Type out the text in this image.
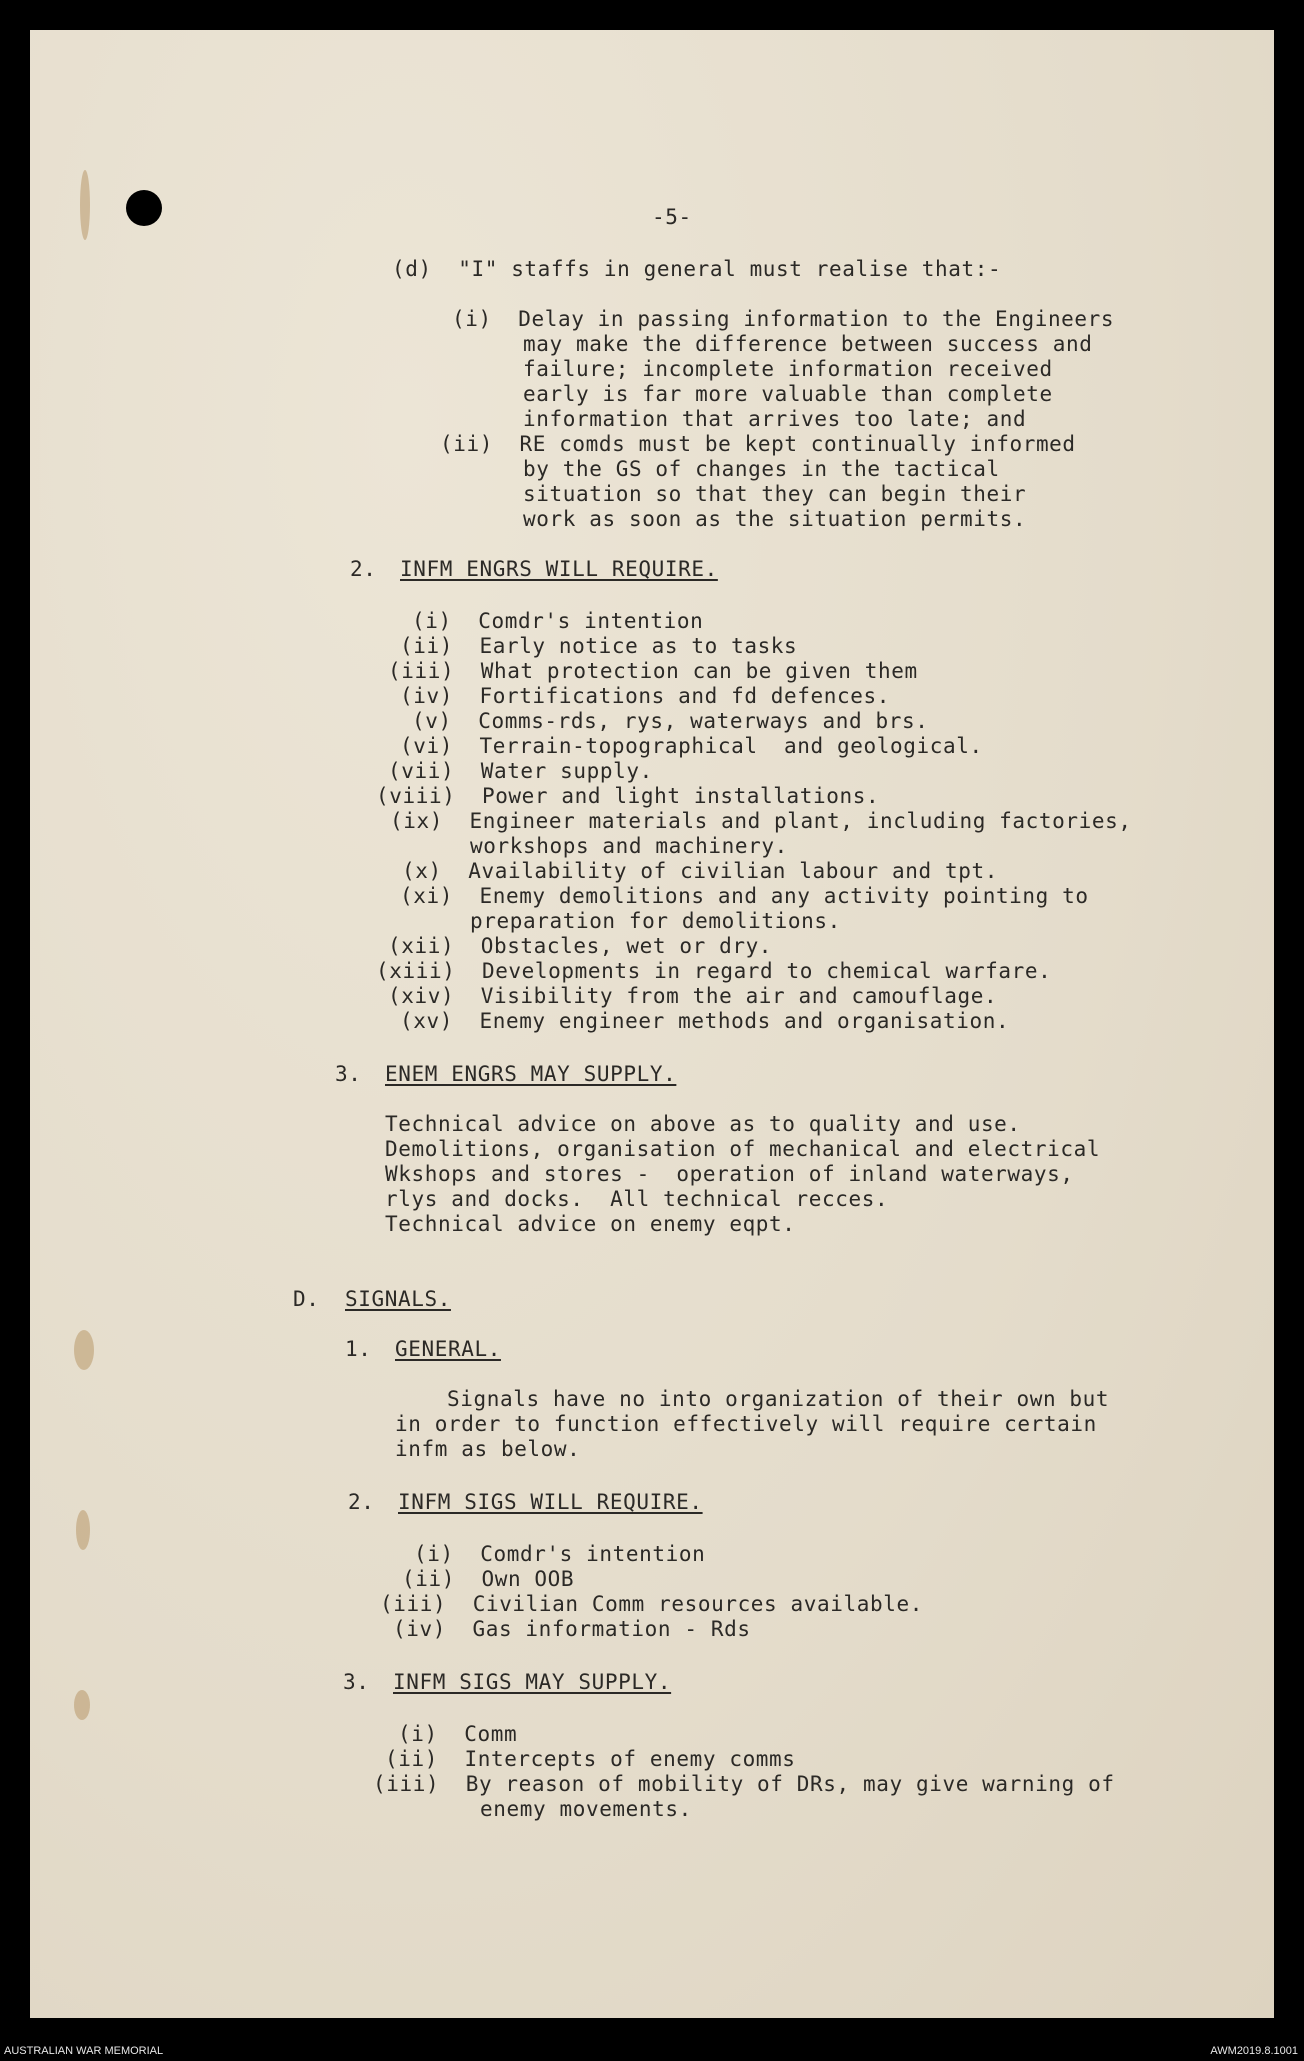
-5-
(d)  "I" staffs in general must realise that:-
(i)  Delay in passing information to the Engineers
may make the difference between success and
failure; incomplete information received
early is far more valuable than complete
information that arrives too late; and
(ii)  RE comds must be kept continually informed
by the GS of changes in the tactical
situation so that they can begin their
work as soon as the situation permits.
2.
INFM ENGRS WILL REQUIRE.
(i)  Comdr's intention
(ii)  Early notice as to tasks
(iii)  What protection can be given them
(iv)  Fortifications and fd defences.
(v)  Comms-rds, rys, waterways and brs.
(vi)  Terrain-topographical  and geological.
(vii)  Water supply.
(viii)  Power and light installations.
(ix)  Engineer materials and plant, including factories,
workshops and machinery.
(x)  Availability of civilian labour and tpt.
(xi)  Enemy demolitions and any activity pointing to
preparation for demolitions.
(xii)  Obstacles, wet or dry.
(xiii)  Developments in regard to chemical warfare.
(xiv)  Visibility from the air and camouflage.
(xv)  Enemy engineer methods and organisation.
3.
ENEM ENGRS MAY SUPPLY.
Technical advice on above as to quality and use.
Demolitions, organisation of mechanical and electrical
Wkshops and stores -  operation of inland waterways,
rlys and docks.  All technical recces.
Technical advice on enemy eqpt.
D. SIGNALS.
1.
GENERAL.
Signals have no into organization of their own but
in order to function effectively will require certain
infm as below.
2.
INFM SIGS WILL REQUIRE.
(i)  Comdr's intention
(ii)  Own OOB
(iii)  Civilian Comm resources available.
(iv)  Gas information - Rds
3.
INFM SIGS MAY SUPPLY.
(i)  Comm
(ii)  Intercepts of enemy comms
(iii)  By reason of mobility of DRs, may give warning of
enemy movements.
AUSTRALIAN WAR MEMORIAL	AWM2019.8.1001
